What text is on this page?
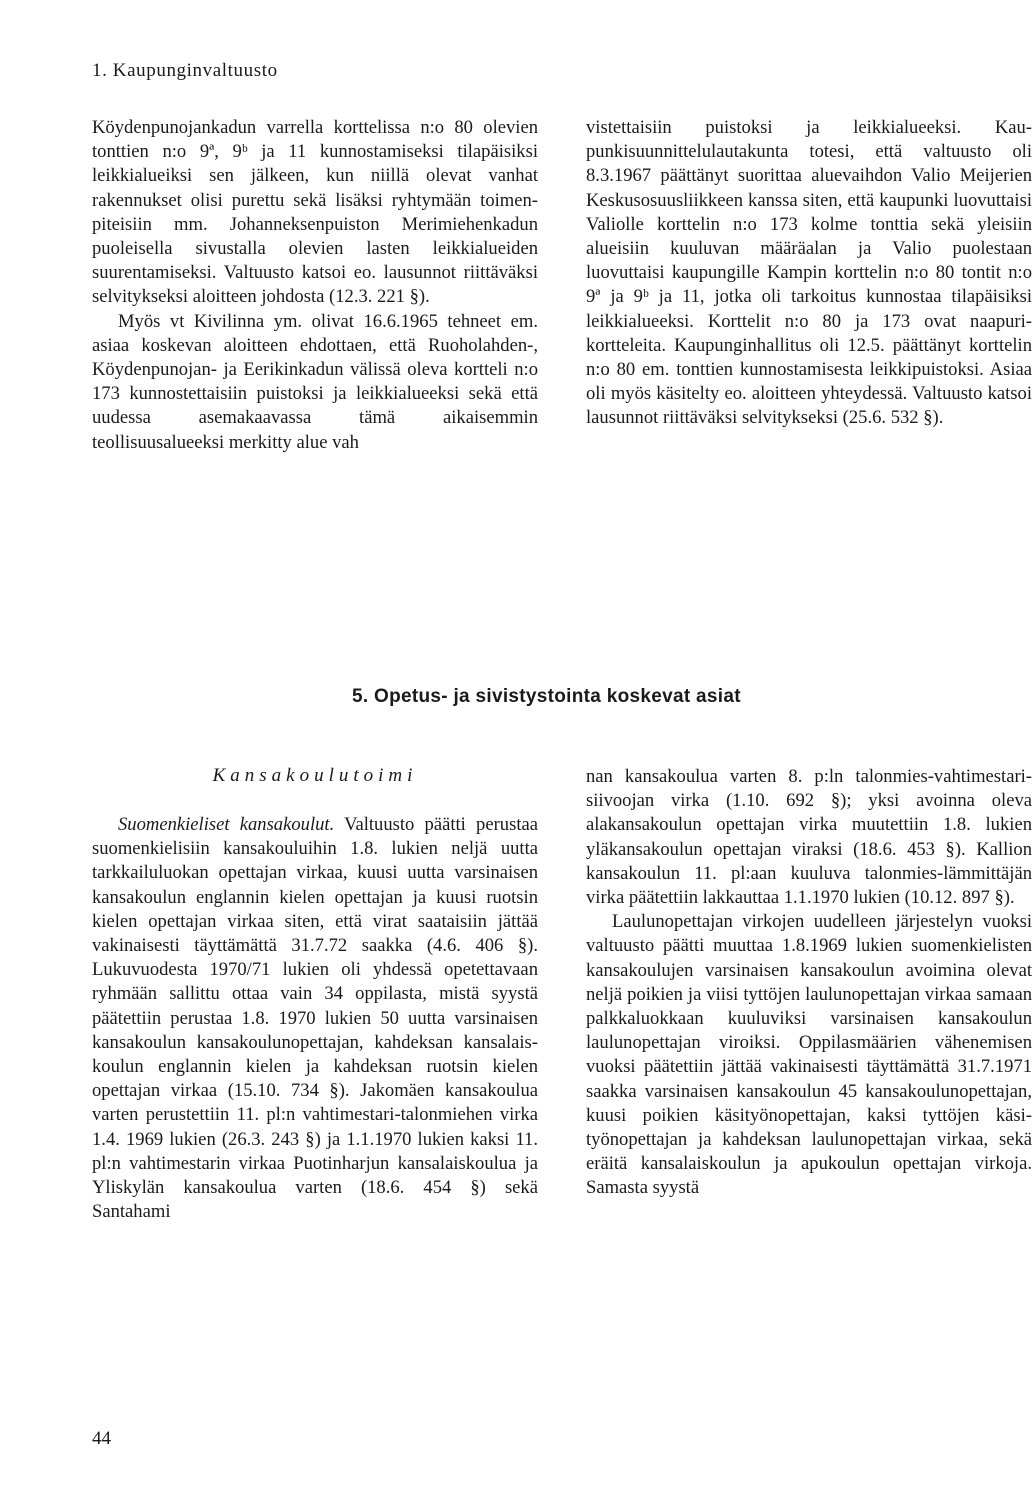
1. Kaupunginvaltuusto

Köydenpunojankadun varrella korttelissa n:o 80 olevien tonttien n:o 9ª, 9ᵇ ja 11 kunnostamiseksi tilapäisiksi leikkialueiksi sen jälkeen, kun niillä olevat vanhat rakennukset olisi purettu sekä lisäksi ryhtymään toimenpiteisiin mm. Johanneksenpuiston Merimiehenkadun puoleisella sivustalla olevien lasten leikkialueiden suurentamiseksi. Valtuusto katsoi eo. lausunnot riittäväksi selvitykseksi aloitteen johdosta (12.3. 221 §).

Myös vt Kivilinna ym. olivat 16.6.1965 tehneet em. asiaa koskevan aloitteen ehdottaen, että Ruoholahden-, Köydenpunojan- ja Eerikinkadun välissä oleva kortteli n:o 173 kunnostettaisiin puistoksi ja leikkialueeksi sekä että uudessa asemakaavassa tämä aikaisemmin teollisuusalueeksi merkitty alue vah

vistettaisiin puistoksi ja leikkialueeksi. Kaupunkisuunnittelulautakunta totesi, että valtuusto oli 8.3.1967 päättänyt suorittaa aluevaihdon Valio Meijerien Keskusosuusliikkeen kanssa siten, että kaupunki luovuttaisi Valiolle korttelin n:o 173 kolme tonttia sekä yleisiin alueisiin kuuluvan määräalan ja Valio puolestaan luovuttaisi kaupungille Kampin korttelin n:o 80 tontit n:o 9ª ja 9ᵇ ja 11, jotka oli tarkoitus kunnostaa tilapäisiksi leikkialueeksi. Korttelit n:o 80 ja 173 ovat naapurikortteleita. Kaupunginhallitus oli 12.5. päättänyt korttelin n:o 80 em. tonttien kunnostamisesta leikkipuistoksi. Asiaa oli myös käsitelty eo. aloitteen yhteydessä. Valtuusto katsoi lausunnot riittäväksi selvitykseksi (25.6. 532 §).

5. Opetus- ja sivistystointa koskevat asiat
Kansakoulutoimi

Suomenkieliset kansakoulut. Valtuusto päätti perustaa suomenkielisiin kansakouluihin 1.8. lukien neljä uutta tarkkailuluokan opettajan virkaa, kuusi uutta varsinaisen kansakoulun englannin kielen opettajan ja kuusi ruotsin kielen opettajan virkaa siten, että virat saataisiin jättää vakinaisesti täyttämättä 31.7.72 saakka (4.6. 406 §). Lukuvuodesta 1970/71 lukien oli yhdessä opetettavaan ryhmään sallittu ottaa vain 34 oppilasta, mistä syystä päätettiin perustaa 1.8. 1970 lukien 50 uutta varsinaisen kansakoulun kansakoulunopettajan, kahdeksan kansalaiskoulun englannin kielen ja kahdeksan ruotsin kielen opettajan virkaa (15.10. 734 §). Jakomäen kansakoulua varten perustettiin 11. pl:n vahtimestari-talonmiehen virka 1.4. 1969 lukien (26.3. 243 §) ja 1.1.1970 lukien kaksi 11. pl:n vahtimestarin virkaa Puotinharjun kansalaiskoulua ja Yliskylän kansakoulua varten (18.6. 454 §) sekä Santahami

nan kansakoulua varten 8. p:ln talonmies-vahtimestari-siivoojan virka (1.10. 692 §); yksi avoinna oleva alakansakoulun opettajan virka muutettiin 1.8. lukien yläkansakoulun opettajan viraksi (18.6. 453 §). Kallion kansakoulun 11. pl:aan kuuluva talonmies-lämmittäjän virka päätettiin lakkauttaa 1.1.1970 lukien (10.12. 897 §).

Laulunopettajan virkojen uudelleen järjestelyn vuoksi valtuusto päätti muuttaa 1.8.1969 lukien suomenkielisten kansakoulujen varsinaisen kansakoulun avoimina olevat neljä poikien ja viisi tyttöjen laulunopettajan virkaa samaan palkkaluokkaan kuuluviksi varsinaisen kansakoulun laulunopettajan viroiksi. Oppilasmäärien vähenemisen vuoksi päätettiin jättää vakinaisesti täyttämättä 31.7.1971 saakka varsinaisen kansakoulun 45 kansakoulunopettajan, kuusi poikien käsityönopettajan, kaksi tyttöjen käsityönopettajan ja kahdeksan laulunopettajan virkaa, sekä eräitä kansalaiskoulun ja apukoulun opettajan virkoja. Samasta syystä

44
